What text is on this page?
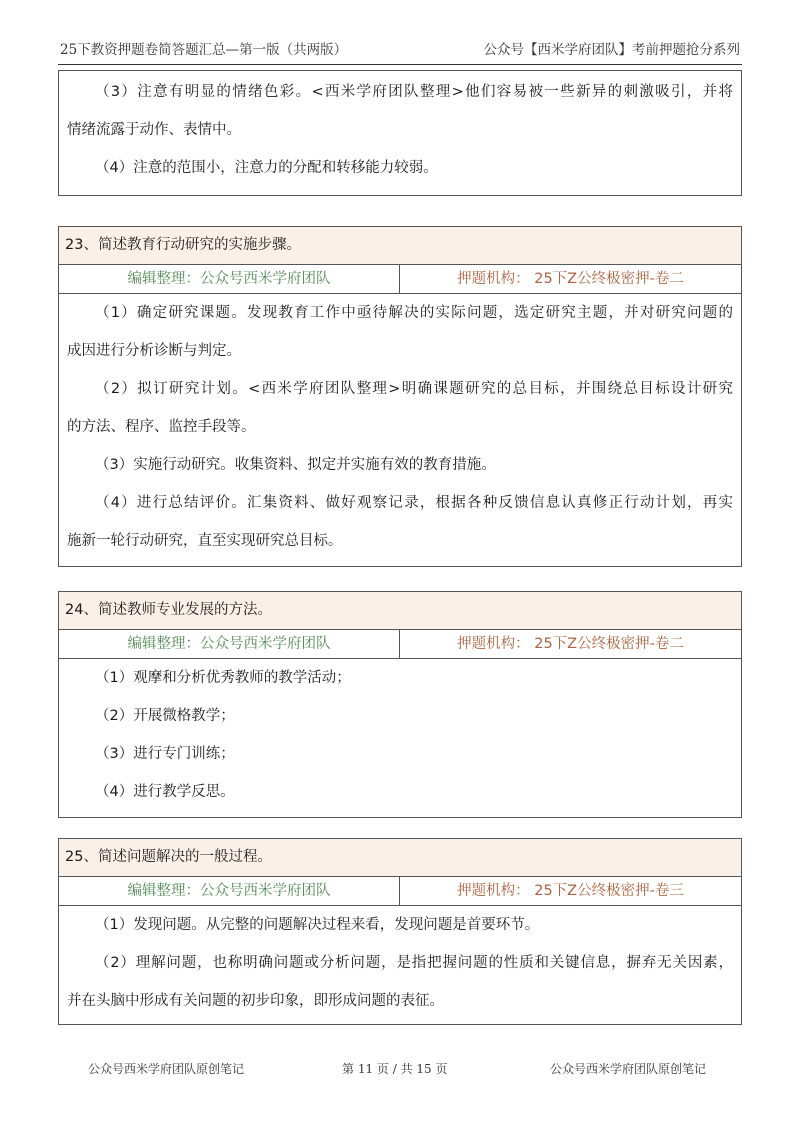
25下教资押题卷简答题汇总—第一版（共两版）	公众号【西米学府团队】考前押题抢分系列
（3）注意有明显的情绪色彩。<西米学府团队整理>他们容易被一些新异的刺激吸引，并将
情绪流露于动作、表情中。
（4）注意的范围小，注意力的分配和转移能力较弱。
23、简述教育行动研究的实施步骤。
编辑整理：公众号西米学府团队	押题机构： 25下Z公终极密押-卷二
（1）确定研究课题。发现教育工作中亟待解决的实际问题，选定研究主题，并对研究问题的
成因进行分析诊断与判定。
（2）拟订研究计划。<西米学府团队整理>明确课题研究的总目标，并围绕总目标设计研究
的方法、程序、监控手段等。
（3）实施行动研究。收集资料、拟定并实施有效的教育措施。
（4）进行总结评价。汇集资料、做好观察记录，根据各种反馈信息认真修正行动计划，再实
施新一轮行动研究，直至实现研究总目标。
24、简述教师专业发展的方法。
编辑整理：公众号西米学府团队	押题机构： 25下Z公终极密押-卷二
（1）观摩和分析优秀教师的教学活动；
（2）开展微格教学；
（3）进行专门训练；
（4）进行教学反思。
25、简述问题解决的一般过程。
编辑整理：公众号西米学府团队	押题机构： 25下Z公终极密押-卷三
（1）发现问题。从完整的问题解决过程来看，发现问题是首要环节。
（2）理解问题，也称明确问题或分析问题，是指把握问题的性质和关键信息，摒弃无关因素，
并在头脑中形成有关问题的初步印象，即形成问题的表征。
公众号西米学府团队原创笔记	第 11 页 / 共 15 页	公众号西米学府团队原创笔记
